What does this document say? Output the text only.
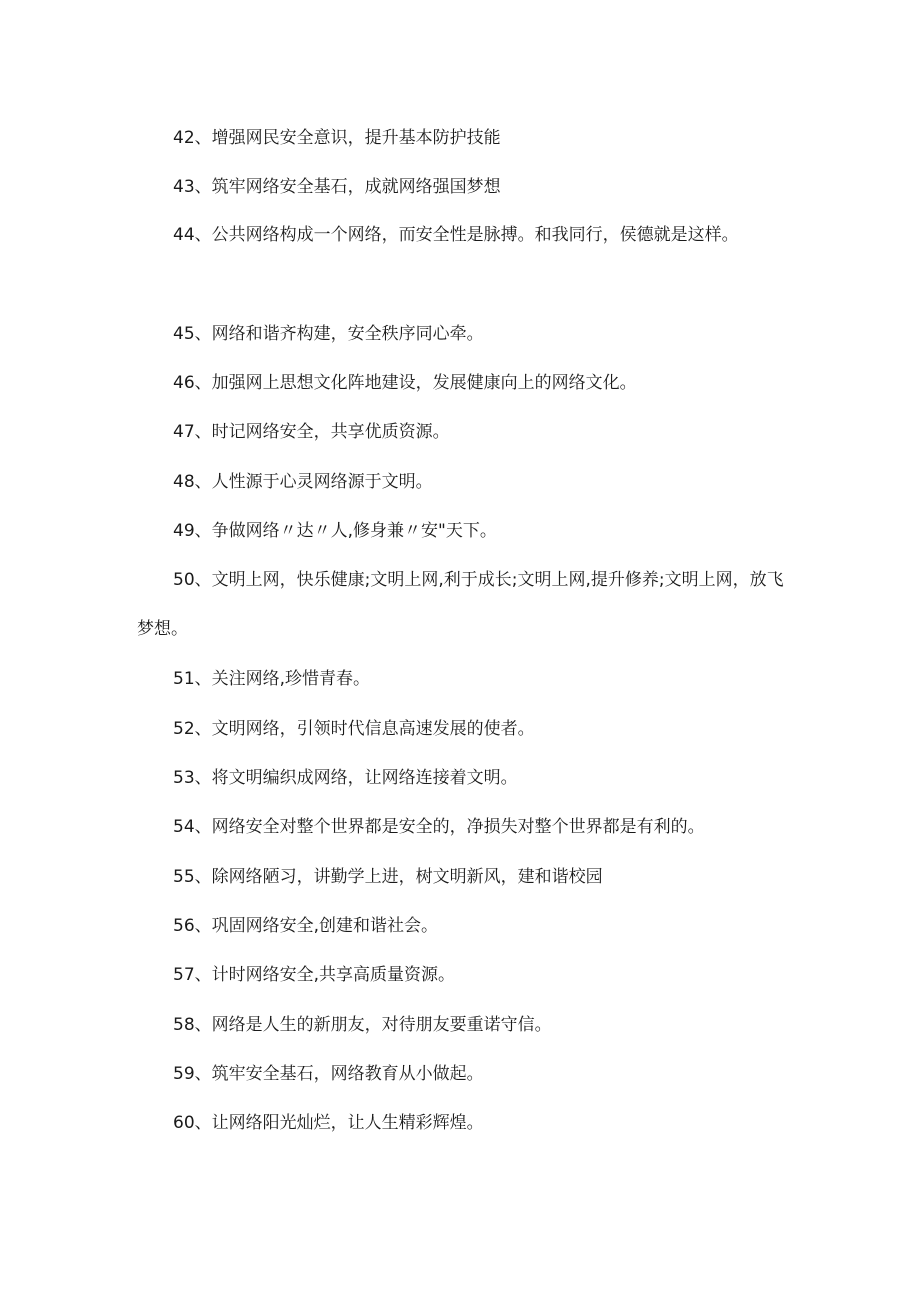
42、增强网民安全意识，提升基本防护技能

43、筑牢网络安全基石，成就网络强国梦想

44、公共网络构成一个网络，而安全性是脉搏。和我同行，侯德就是这样。

45、网络和谐齐构建，安全秩序同心牵。

46、加强网上思想文化阵地建设，发展健康向上的网络文化。

47、时记网络安全，共享优质资源。

48、人性源于心灵网络源于文明。

49、争做网络〃达〃人,修身兼〃安"天下。

50、文明上网，快乐健康;文明上网,利于成长;文明上网,提升修养;文明上网，放飞梦想。

51、关注网络,珍惜青春。

52、文明网络，引领时代信息高速发展的使者。

53、将文明编织成网络，让网络连接着文明。

54、网络安全对整个世界都是安全的，净损失对整个世界都是有利的。

55、除网络陋习，讲勤学上进，树文明新风，建和谐校园

56、巩固网络安全,创建和谐社会。

57、计时网络安全,共享高质量资源。

58、网络是人生的新朋友，对待朋友要重诺守信。

59、筑牢安全基石，网络教育从小做起。

60、让网络阳光灿烂，让人生精彩辉煌。
